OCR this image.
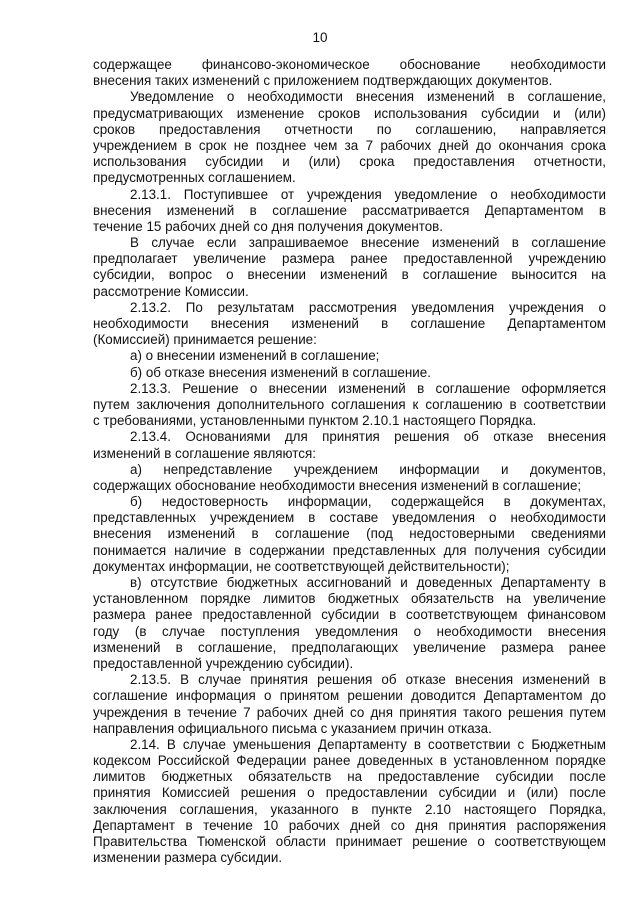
10
содержащее финансово-экономическое обоснование необходимости
внесения таких изменений с приложением подтверждающих документов.
Уведомление о необходимости внесения изменений в соглашение,
предусматривающих изменение сроков использования субсидии и (или)
сроков предоставления отчетности по соглашению, направляется
учреждением в срок не позднее чем за 7 рабочих дней до окончания срока
использования субсидии и (или) срока предоставления отчетности,
предусмотренных соглашением.
2.13.1. Поступившее от учреждения уведомление о необходимости
внесения изменений в соглашение рассматривается Департаментом в
течение 15 рабочих дней со дня получения документов.
В случае если запрашиваемое внесение изменений в соглашение
предполагает увеличение размера ранее предоставленной учреждению
субсидии, вопрос о внесении изменений в соглашение выносится на
рассмотрение Комиссии.
2.13.2. По результатам рассмотрения уведомления учреждения о
необходимости внесения изменений в соглашение Департаментом
(Комиссией) принимается решение:
а) о внесении изменений в соглашение;
б) об отказе внесения изменений в соглашение.
2.13.3. Решение о внесении изменений в соглашение оформляется
путем заключения дополнительного соглашения к соглашению в соответствии
с требованиями, установленными пунктом 2.10.1 настоящего Порядка.
2.13.4. Основаниями для принятия решения об отказе внесения
изменений в соглашение являются:
а) непредставление учреждением информации и документов,
содержащих обоснование необходимости внесения изменений в соглашение;
б) недостоверность информации, содержащейся в документах,
представленных учреждением в составе уведомления о необходимости
внесения изменений в соглашение (под недостоверными сведениями
понимается наличие в содержании представленных для получения субсидии
документах информации, не соответствующей действительности);
в) отсутствие бюджетных ассигнований и доведенных Департаменту в
установленном порядке лимитов бюджетных обязательств на увеличение
размера ранее предоставленной субсидии в соответствующем финансовом
году (в случае поступления уведомления о необходимости внесения
изменений в соглашение, предполагающих увеличение размера ранее
предоставленной учреждению субсидии).
2.13.5. В случае принятия решения об отказе внесения изменений в
соглашение информация о принятом решении доводится Департаментом до
учреждения в течение 7 рабочих дней со дня принятия такого решения путем
направления официального письма с указанием причин отказа.
2.14. В случае уменьшения Департаменту в соответствии с Бюджетным
кодексом Российской Федерации ранее доведенных в установленном порядке
лимитов бюджетных обязательств на предоставление субсидии после
принятия Комиссией решения о предоставлении субсидии и (или) после
заключения соглашения, указанного в пункте 2.10 настоящего Порядка,
Департамент в течение 10 рабочих дней со дня принятия распоряжения
Правительства Тюменской области принимает решение о соответствующем
изменении размера субсидии.
